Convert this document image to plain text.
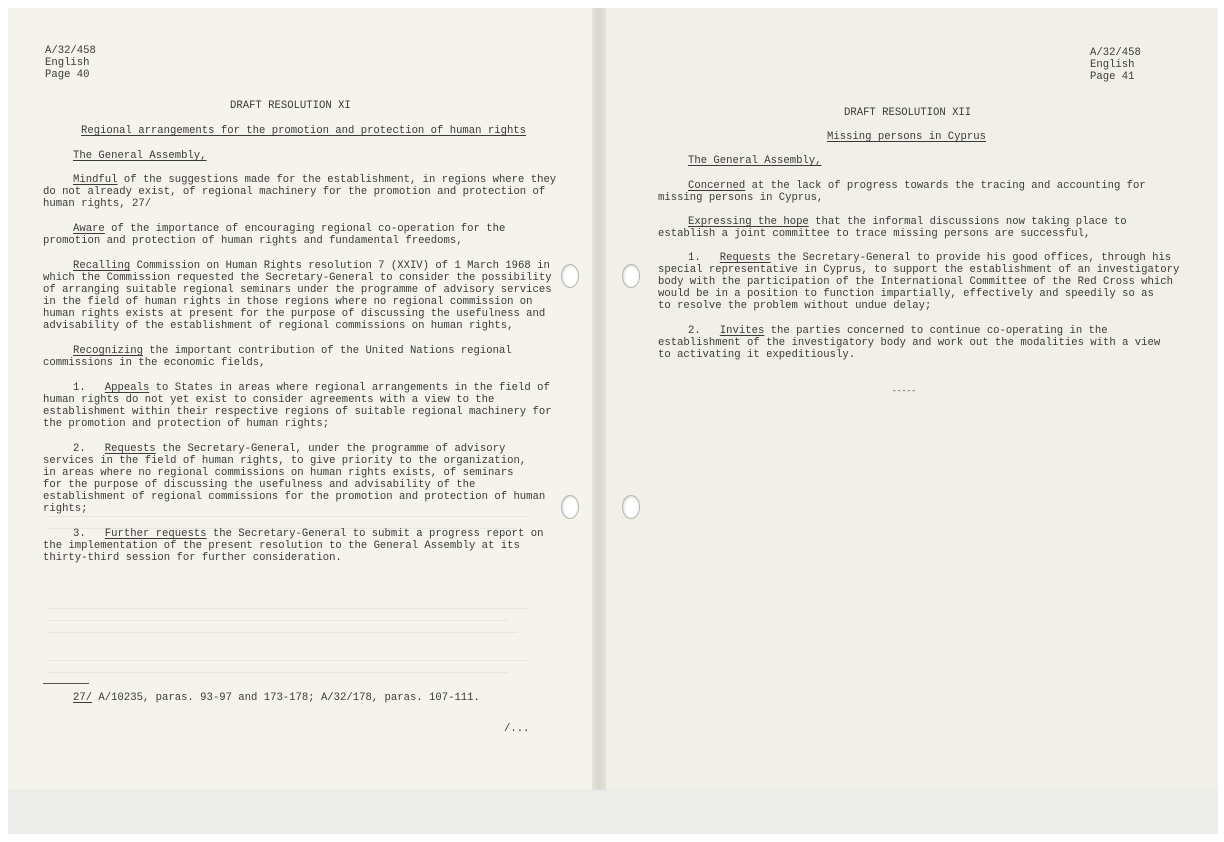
A/32/458
English
Page 40
DRAFT RESOLUTION XI
Regional arrangements for the promotion and protection of human rights
The General Assembly,
Mindful of the suggestions made for the establishment, in regions where they
do not already exist, of regional machinery for the promotion and protection of
human rights, 27/
Aware of the importance of encouraging regional co-operation for the
promotion and protection of human rights and fundamental freedoms,
Recalling Commission on Human Rights resolution 7 (XXIV) of 1 March 1968 in
which the Commission requested the Secretary-General to consider the possibility
of arranging suitable regional seminars under the programme of advisory services
in the field of human rights in those regions where no regional commission on
human rights exists at present for the purpose of discussing the usefulness and
advisability of the establishment of regional commissions on human rights,
Recognizing the important contribution of the United Nations regional
commissions in the economic fields,
1. Appeals to States in areas where regional arrangements in the field of
human rights do not yet exist to consider agreements with a view to the
establishment within their respective regions of suitable regional machinery for
the promotion and protection of human rights;
2. Requests the Secretary-General, under the programme of advisory
services in the field of human rights, to give priority to the organization,
in areas where no regional commissions on human rights exists, of seminars
for the purpose of discussing the usefulness and advisability of the
establishment of regional commissions for the promotion and protection of human
rights;
3. Further requests the Secretary-General to submit a progress report on
the implementation of the present resolution to the General Assembly at its
thirty-third session for further consideration.
27/ A/10235, paras. 93-97 and 173-178; A/32/178, paras. 107-111.
/...
A/32/458
English
Page 41
DRAFT RESOLUTION XII
Missing persons in Cyprus
The General Assembly,
Concerned at the lack of progress towards the tracing and accounting for
missing persons in Cyprus,
Expressing the hope that the informal discussions now taking place to
establish a joint committee to trace missing persons are successful,
1. Requests the Secretary-General to provide his good offices, through his
special representative in Cyprus, to support the establishment of an investigatory
body with the participation of the International Committee of the Red Cross which
would be in a position to function impartially, effectively and speedily so as
to resolve the problem without undue delay;
2. Invites the parties concerned to continue co-operating in the
establishment of the investigatory body and work out the modalities with a view
to activating it expeditiously.
-----
